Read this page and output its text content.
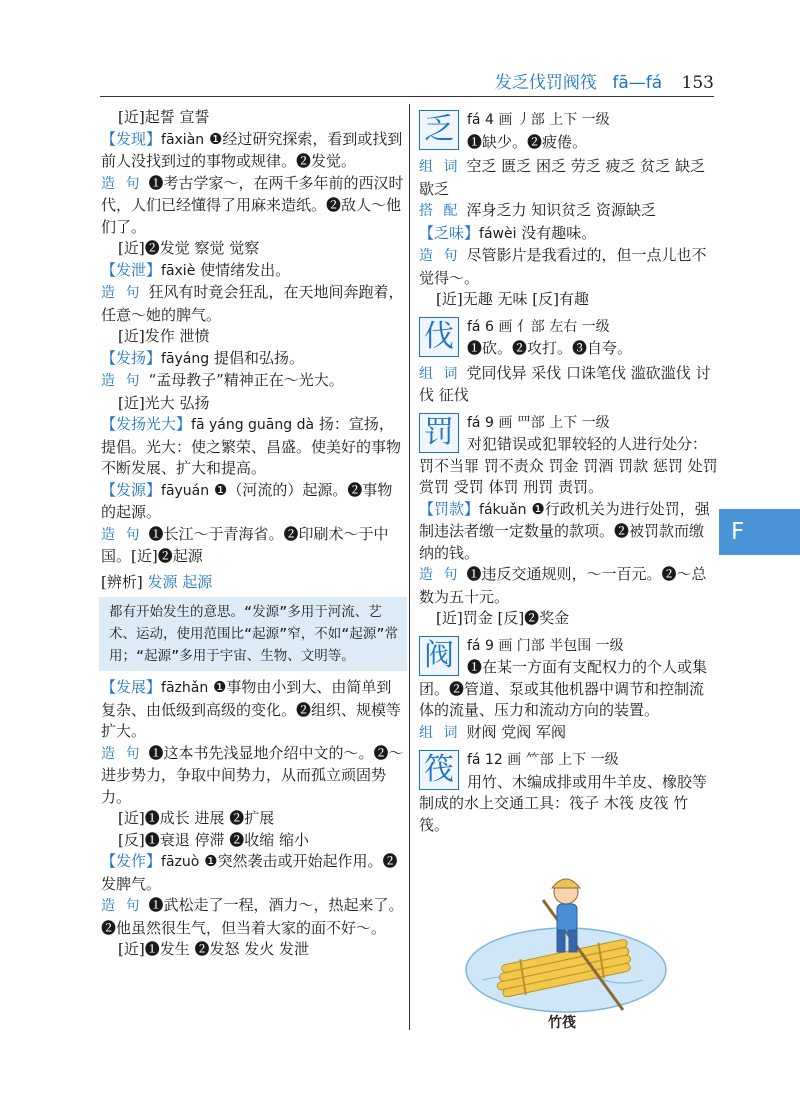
发乏伐罚阀筏 fā—fá 153
F

[近]起誓 宣誓

【发现】fāxiàn ❶经过研究探索，看到或找到前人没找到过的事物或规律。❷发觉。

造 句 ❶考古学家～，在两千多年前的西汉时代，人们已经懂得了用麻来造纸。❷敌人～他们了。

[近]❷发觉 察觉 觉察

【发泄】fāxiè 使情绪发出。

造 句 狂风有时竟会狂乱，在天地间奔跑着，任意～她的脾气。

[近]发作 泄愤

【发扬】fāyáng 提倡和弘扬。

造 句 “孟母教子”精神正在～光大。

[近]光大 弘扬

【发扬光大】fā yáng guāng dà 扬：宣扬，提倡。光大：使之繁荣、昌盛。使美好的事物不断发展、扩大和提高。

【发源】fāyuán ❶（河流的）起源。❷事物的起源。

造 句 ❶长江～于青海省。❷印刷术～于中国。[近]❷起源

[辨析] 发源 起源

都有开始发生的意思。“发源”多用于河流、艺术、运动，使用范围比“起源”窄，不如“起源”常用；“起源”多用于宇宙、生物、文明等。

【发展】fāzhǎn ❶事物由小到大、由简单到复杂、由低级到高级的变化。❷组织、规模等扩大。

造 句 ❶这本书先浅显地介绍中文的～。❷～进步势力，争取中间势力，从而孤立顽固势力。

[近]❶成长 进展 ❷扩展

[反]❶衰退 停滞 ❷收缩 缩小

【发作】fāzuò ❶突然袭击或开始起作用。❷发脾气。

造 句 ❶武松走了一程，酒力～，热起来了。❷他虽然很生气，但当着大家的面不好～。

[近]❶发生 ❷发怒 发火 发泄

乏 fá 4 画 丿部 上下 一级

❶缺少。❷疲倦。

组 词 空乏 匮乏 困乏 劳乏 疲乏 贫乏 缺乏 歇乏

搭 配 浑身乏力 知识贫乏 资源缺乏

【乏味】fáwèi 没有趣味。

造 句 尽管影片是我看过的，但一点儿也不觉得～。

[近]无趣 无味 [反]有趣

伐 fá 6 画 亻部 左右 一级

❶砍。❷攻打。❸自夸。

组 词 党同伐异 采伐 口诛笔伐 滥砍滥伐 讨伐 征伐

罚 fá 9 画 罒部 上下 一级

对犯错误或犯罪较轻的人进行处分：罚不当罪 罚不责众 罚金 罚酒 罚款 惩罚 处罚 赏罚 受罚 体罚 刑罚 责罚。

【罚款】fákuǎn ❶行政机关为进行处罚，强制违法者缴一定数量的款项。❷被罚款而缴纳的钱。

造 句 ❶违反交通规则，～一百元。❷～总数为五十元。

[近]罚金 [反]❷奖金

阀 fá 9 画 门部 半包围 一级

❶在某一方面有支配权力的个人或集团。❷管道、泵或其他机器中调节和控制流体的流量、压力和流动方向的装置。

组 词 财阀 党阀 军阀

筏 fá 12 画 ⺮部 上下 一级

用竹、木编成排或用牛羊皮、橡胶等制成的水上交通工具：筏子 木筏 皮筏 竹筏。

竹筏
